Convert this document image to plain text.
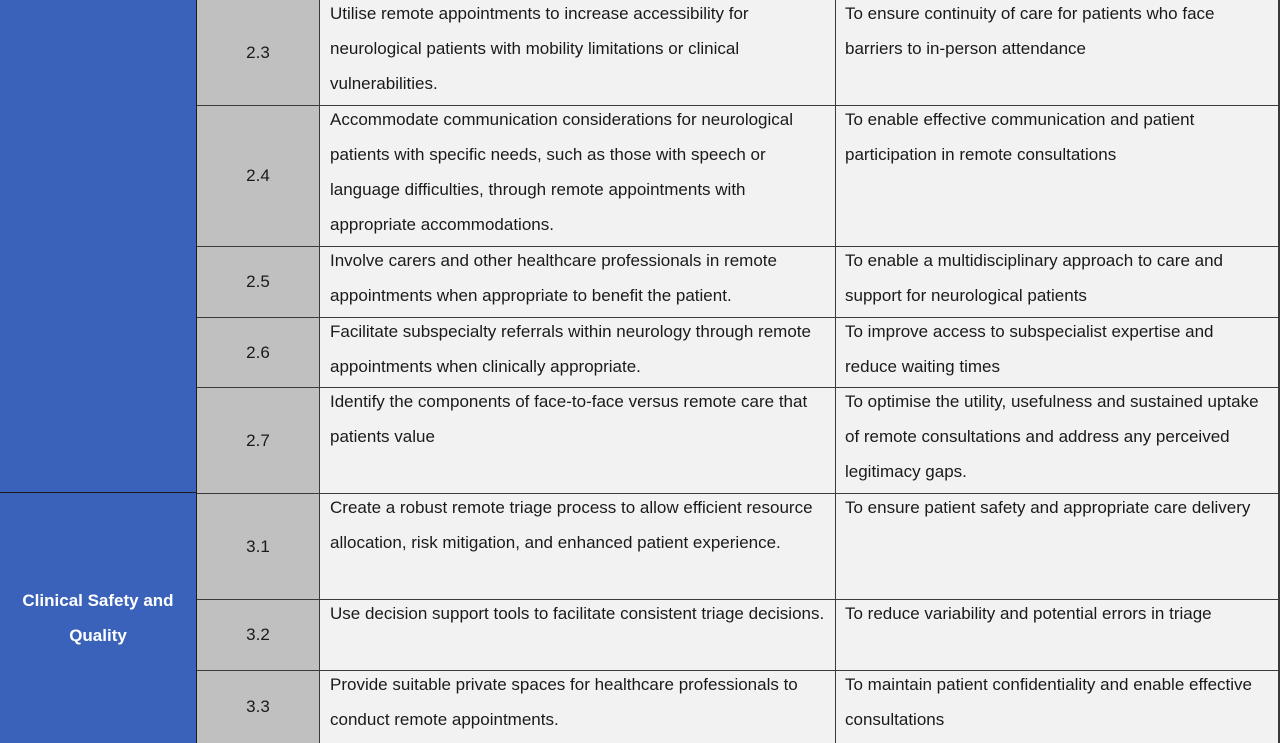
Clinical Safety and Quality
2.3
Utilise remote appointments to increase accessibility for neurological patients with mobility limitations or clinical vulnerabilities.
To ensure continuity of care for patients who face barriers to in-person attendance
2.4
Accommodate communication considerations for neurological patients with specific needs, such as those with speech or language difficulties, through remote appointments with appropriate accommodations.
To enable effective communication and patient participation in remote consultations
2.5
Involve carers and other healthcare professionals in remote appointments when appropriate to benefit the patient.
To enable a multidisciplinary approach to care and support for neurological patients
2.6
Facilitate subspecialty referrals within neurology through remote appointments when clinically appropriate.
To improve access to subspecialist expertise and reduce waiting times
2.7
Identify the components of face-to-face versus remote care that patients value
To optimise the utility, usefulness and sustained uptake of remote consultations and address any perceived legitimacy gaps.
3.1
Create a robust remote triage process to allow efficient resource allocation, risk mitigation, and enhanced patient experience.
To ensure patient safety and appropriate care delivery
3.2
Use decision support tools to facilitate consistent triage decisions. To reduce variability and potential errors in triage
3.3
Provide suitable private spaces for healthcare professionals to conduct remote appointments.
To maintain patient confidentiality and enable effective consultations
